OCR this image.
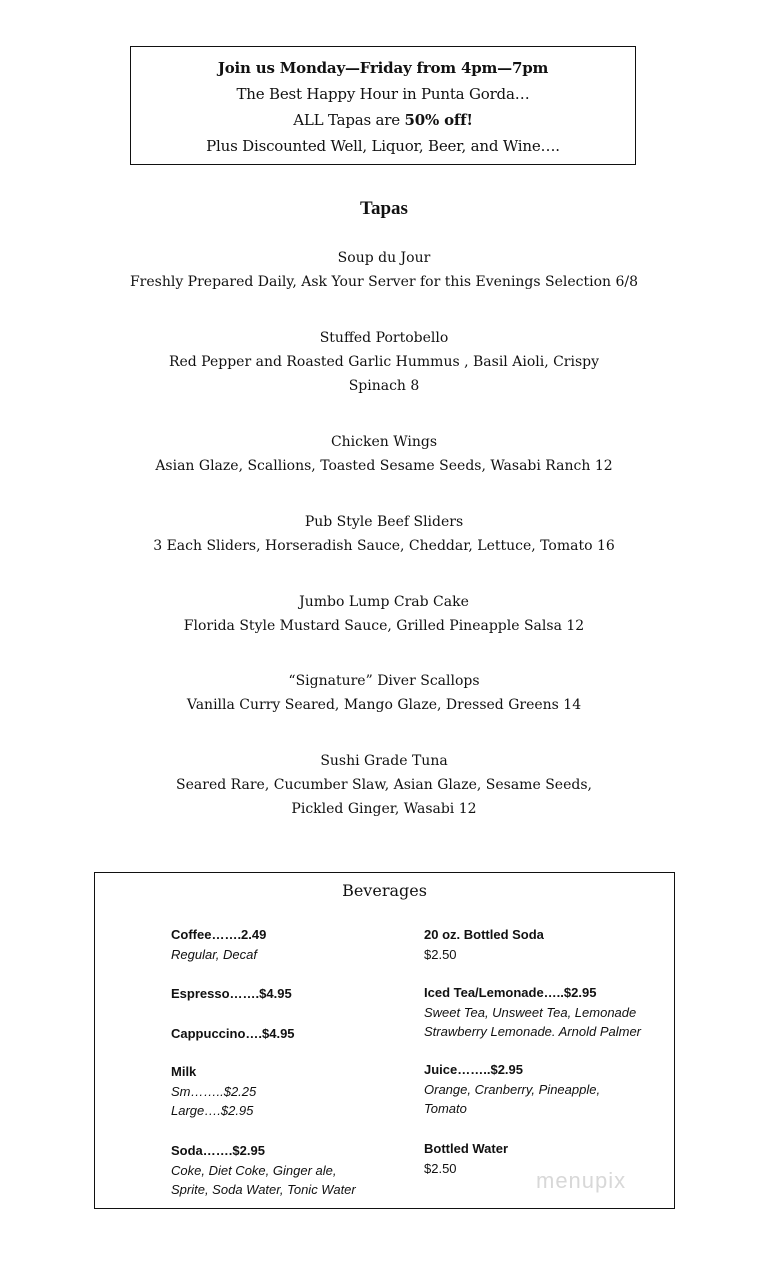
Join us Monday—Friday from 4pm—7pm
The Best Happy Hour in Punta Gorda…
ALL Tapas are 50% off!
Plus Discounted Well, Liquor, Beer, and Wine….
Tapas
Soup du Jour
Freshly Prepared Daily, Ask Your Server for this Evenings Selection 6/8
Stuffed Portobello
Red Pepper and Roasted Garlic Hummus , Basil Aioli, Crispy
Spinach 8
Chicken Wings
Asian Glaze, Scallions, Toasted Sesame Seeds, Wasabi Ranch 12
Pub Style Beef Sliders
3 Each Sliders, Horseradish Sauce, Cheddar, Lettuce, Tomato 16
Jumbo Lump Crab Cake
Florida Style Mustard Sauce, Grilled Pineapple Salsa 12
“Signature” Diver Scallops
Vanilla Curry Seared, Mango Glaze, Dressed Greens 14
Sushi Grade Tuna
Seared Rare, Cucumber Slaw, Asian Glaze, Sesame Seeds,
Pickled Ginger, Wasabi 12
Beverages
Coffee…….2.49
Regular, Decaf
Espresso…….$4.95
Cappuccino….$4.95
Milk
Sm……..$2.25
Large….$2.95
Soda…….$2.95
Coke, Diet Coke, Ginger ale,
Sprite, Soda Water, Tonic Water
20 oz. Bottled Soda
$2.50
Iced Tea/Lemonade…..$2.95
Sweet Tea, Unsweet Tea, Lemonade
Strawberry Lemonade. Arnold Palmer
Juice……..$2.95
Orange, Cranberry, Pineapple,
Tomato
Bottled Water
$2.50	menupix
